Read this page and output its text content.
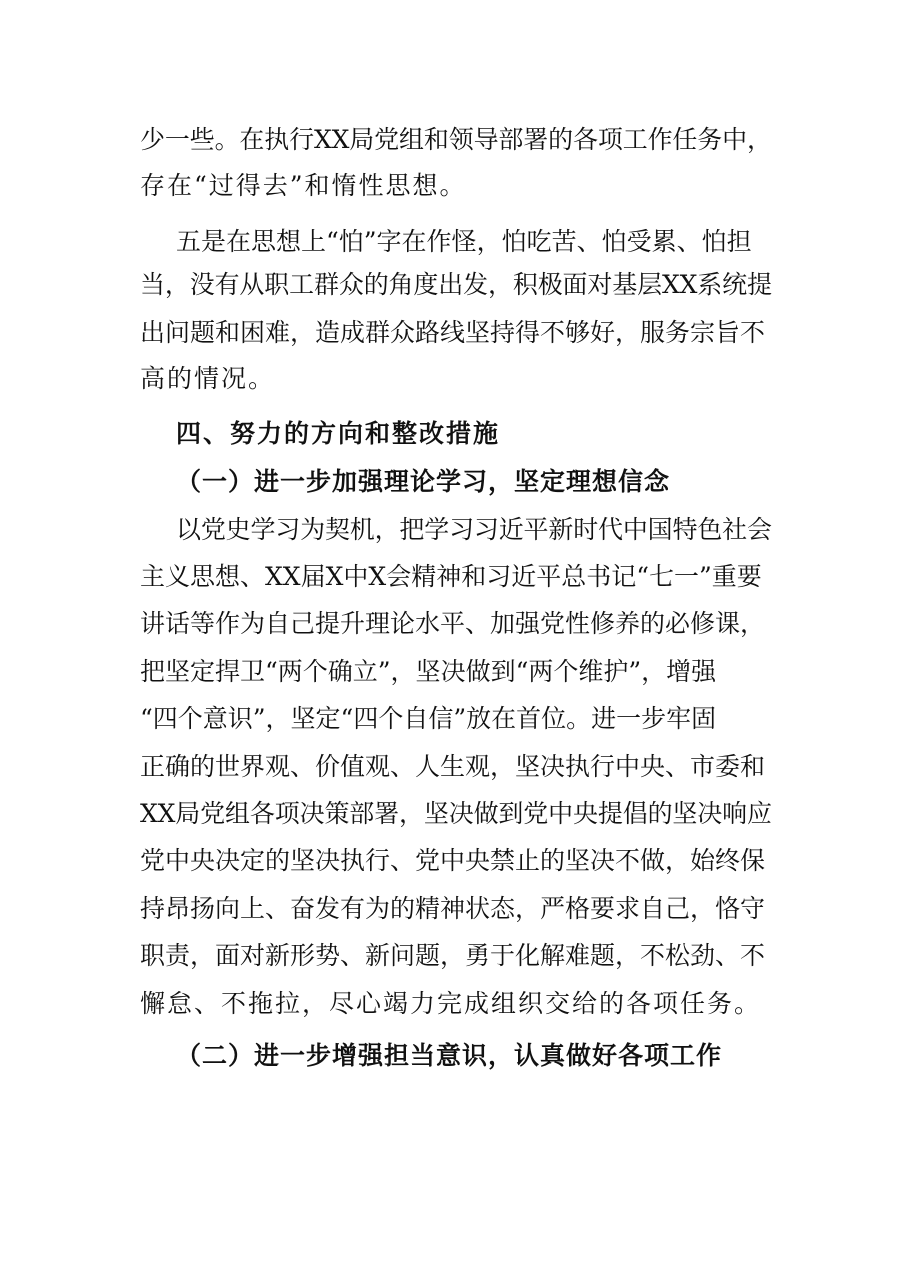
少一些。在执行XX局党组和领导部署的各项工作任务中，
存在“过得去”和惰性思想。
五是在思想上“怕”字在作怪，怕吃苦、怕受累、怕担
当，没有从职工群众的角度出发，积极面对基层XX系统提
出问题和困难，造成群众路线坚持得不够好，服务宗旨不
高的情况。
四、努力的方向和整改措施
（一）进一步加强理论学习，坚定理想信念
以党史学习为契机，把学习习近平新时代中国特色社会
主义思想、XX届X中X会精神和习近平总书记“七一”重要
讲话等作为自己提升理论水平、加强党性修养的必修课，
把坚定捍卫“两个确立”，坚决做到“两个维护”，增强
“四个意识”，坚定“四个自信”放在首位。进一步牢固
正确的世界观、价值观、人生观，坚决执行中央、市委和
XX局党组各项决策部署，坚决做到党中央提倡的坚决响应
党中央决定的坚决执行、党中央禁止的坚决不做，始终保
持昂扬向上、奋发有为的精神状态，严格要求自己，恪守
职责，面对新形势、新问题，勇于化解难题，不松劲、不
懈怠、不拖拉，尽心竭力完成组织交给的各项任务。
（二）进一步增强担当意识，认真做好各项工作
